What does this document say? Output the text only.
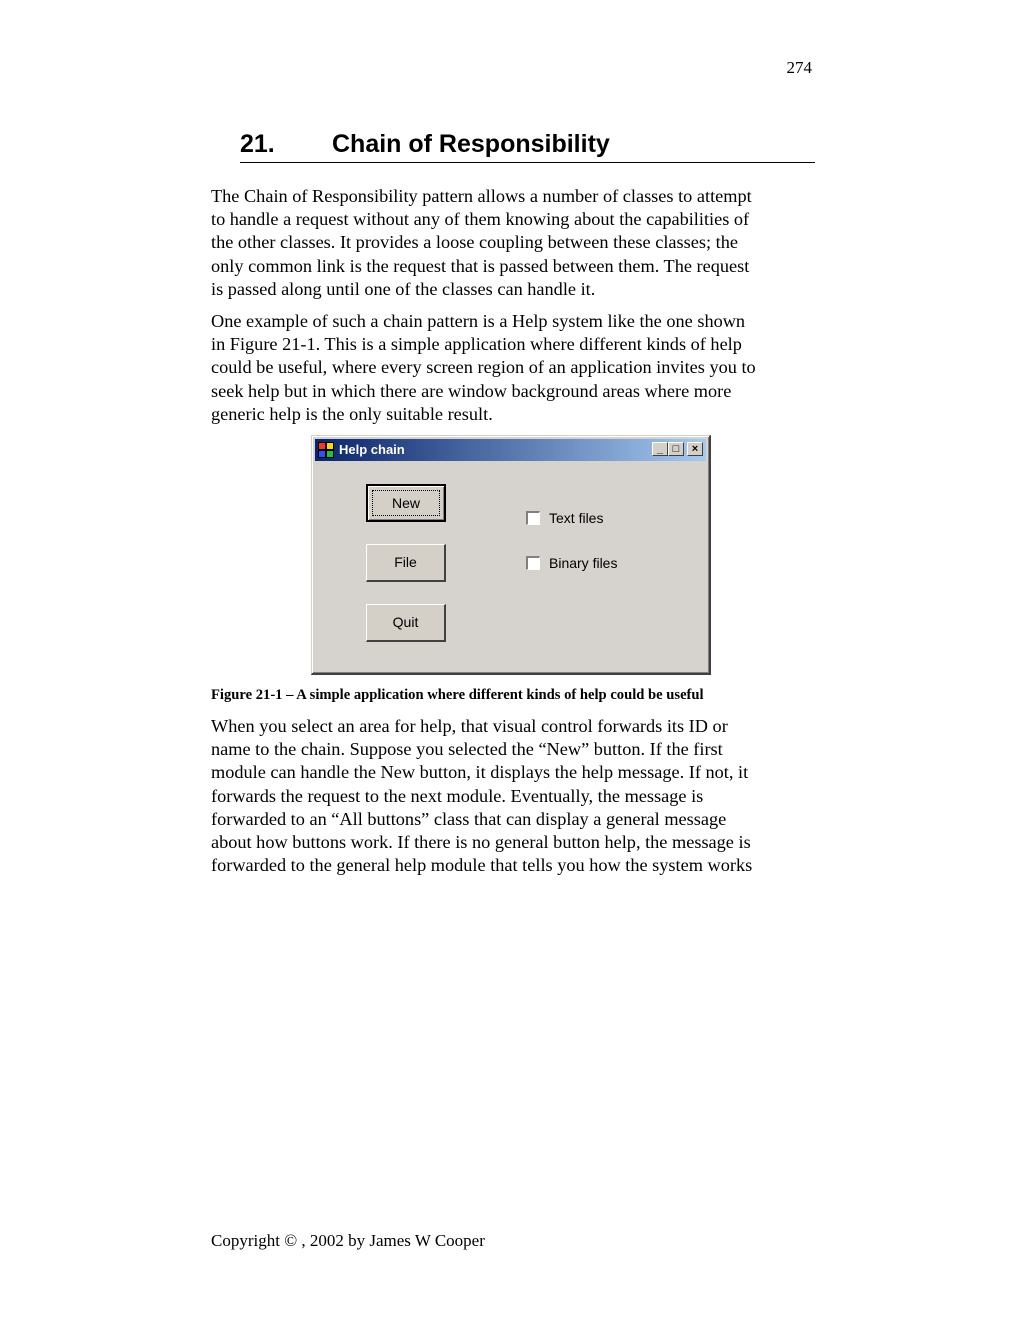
274
21. Chain of Responsibility
The Chain of Responsibility pattern allows a number of classes to attempt
to handle a request without any of them knowing about the capabilities of
the other classes. It provides a loose coupling between these classes; the
only common link is the request that is passed between them. The request
is passed along until one of the classes can handle it.
One example of such a chain pattern is a Help system like the one shown
in Figure 21-1. This is a simple application where different kinds of help
could be useful, where every screen region of an application invites you to
seek help but in which there are window background areas where more
generic help is the only suitable result.
Help chain	_ □	×
New
File
Quit
Text files
Binary files
Figure 21-1 – A simple application where different kinds of help could be useful
When you select an area for help, that visual control forwards its ID or
name to the chain. Suppose you selected the “New” button. If the first
module can handle the New button, it displays the help message. If not, it
forwards the request to the next module. Eventually, the message is
forwarded to an “All buttons” class that can display a general message
about how buttons work. If there is no general button help, the message is
forwarded to the general help module that tells you how the system works
Copyright © , 2002 by James W Cooper
